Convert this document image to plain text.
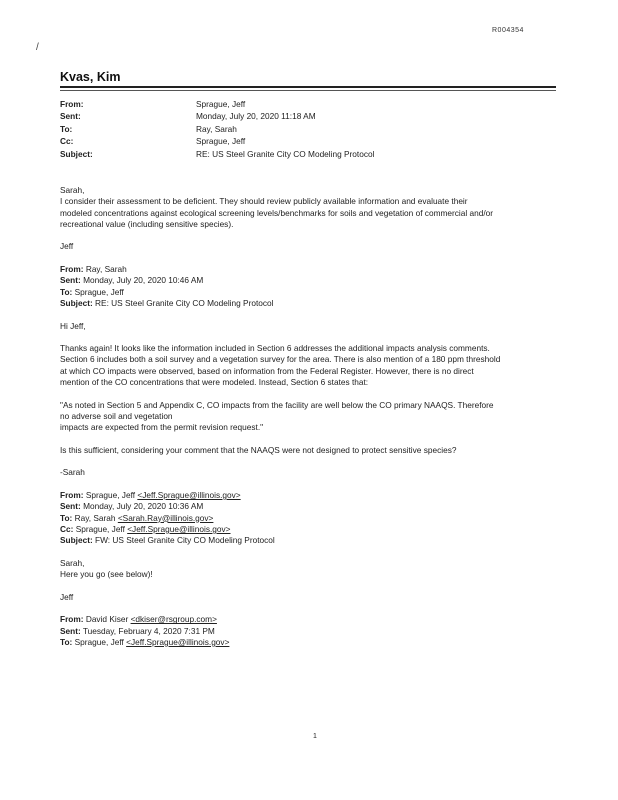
R004354
/
Kvas, Kim
From:	Sprague, Jeff
Sent:	Monday, July 20, 2020 11:18 AM
To:	Ray, Sarah
Cc:	Sprague, Jeff
Subject:	RE: US Steel Granite City CO Modeling Protocol
Sarah,
I consider their assessment to be deficient. They should review publicly available information and evaluate their
modeled concentrations against ecological screening levels/benchmarks for soils and vegetation of commercial and/or
recreational value (including sensitive species).
Jeff
From: Ray, Sarah
Sent: Monday, July 20, 2020 10:46 AM
To: Sprague, Jeff
Subject: RE: US Steel Granite City CO Modeling Protocol
Hi Jeff,
Thanks again! It looks like the information included in Section 6 addresses the additional impacts analysis comments.
Section 6 includes both a soil survey and a vegetation survey for the area. There is also mention of a 180 ppm threshold
at which CO impacts were observed, based on information from the Federal Register. However, there is no direct
mention of the CO concentrations that were modeled. Instead, Section 6 states that:
"As noted in Section 5 and Appendix C, CO impacts from the facility are well below the CO primary NAAQS. Therefore
no adverse soil and vegetation
impacts are expected from the permit revision request."
Is this sufficient, considering your comment that the NAAQS were not designed to protect sensitive species?
-Sarah
From: Sprague, Jeff <Jeff.Sprague@illinois.gov>
Sent: Monday, July 20, 2020 10:36 AM
To: Ray, Sarah <Sarah.Ray@illinois.gov>
Cc: Sprague, Jeff <Jeff.Sprague@illinois.gov>
Subject: FW: US Steel Granite City CO Modeling Protocol
Sarah,
Here you go (see below)!
Jeff
From: David Kiser <dkiser@rsgroup.com>
Sent: Tuesday, February 4, 2020 7:31 PM
To: Sprague, Jeff <Jeff.Sprague@illinois.gov>
1
